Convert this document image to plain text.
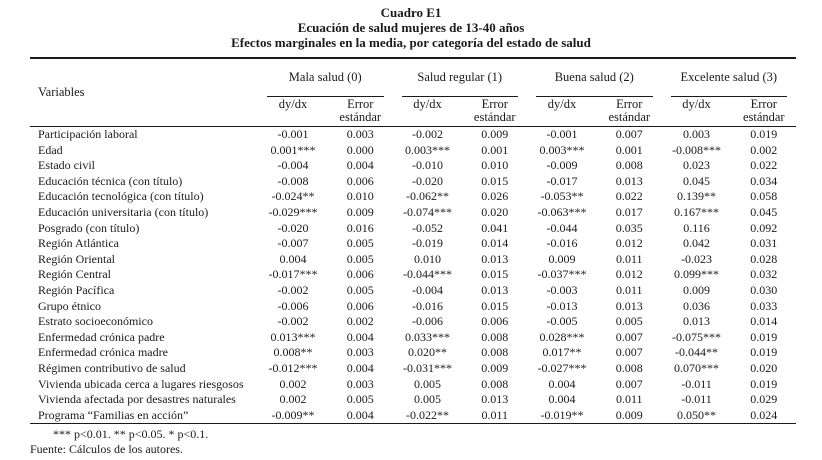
Cuadro E1
Ecuación de salud mujeres de 13-40 años
Efectos marginales en la media, por categoría del estado de salud
Variables	Mala salud (0)		Salud regular (1)		Buena salud (2)		Excelente salud (3)	

	dy/dx	Error estándar	dy/dx	Error estándar	dy/dx	Error estándar	dy/dx	Error estándar
Participación laboral	-0.001	0.003	-0.002	0.009	-0.001	0.007	0.003	0.019
Edad	0.001***	0.000	0.003***	0.001	0.003***	0.001	-0.008***	0.002
Estado civil	-0.004	0.004	-0.010	0.010	-0.009	0.008	0.023	0.022
Educación técnica (con título)	-0.008	0.006	-0.020	0.015	-0.017	0.013	0.045	0.034
Educación tecnológica (con título)	-0.024**	0.010	-0.062**	0.026	-0.053**	0.022	0.139**	0.058
Educación universitaria (con título)	-0.029***	0.009	-0.074***	0.020	-0.063***	0.017	0.167***	0.045
Posgrado (con título)	-0.020	0.016	-0.052	0.041	-0.044	0.035	0.116	0.092
Región Atlántica	-0.007	0.005	-0.019	0.014	-0.016	0.012	0.042	0.031
Región Oriental	0.004	0.005	0.010	0.013	0.009	0.011	-0.023	0.028
Región Central	-0.017***	0.006	-0.044***	0.015	-0.037***	0.012	0.099***	0.032
Región Pacífica	-0.002	0.005	-0.004	0.013	-0.003	0.011	0.009	0.030
Grupo étnico	-0.006	0.006	-0.016	0.015	-0.013	0.013	0.036	0.033
Estrato socioeconómico	-0.002	0.002	-0.006	0.006	-0.005	0.005	0.013	0.014
Enfermedad crónica padre	0.013***	0.004	0.033***	0.008	0.028***	0.007	-0.075***	0.019
Enfermedad crónica madre	0.008**	0.003	0.020**	0.008	0.017**	0.007	-0.044**	0.019
Régimen contributivo de salud	-0.012***	0.004	-0.031***	0.009	-0.027***	0.008	0.070***	0.020
Vivienda ubicada cerca a lugares riesgosos	0.002	0.003	0.005	0.008	0.004	0.007	-0.011	0.019
Vivienda afectada por desastres naturales	0.002	0.005	0.005	0.013	0.004	0.011	-0.011	0.029
Programa “Familias en acción”	-0.009**	0.004	-0.022**	0.011	-0.019**	0.009	0.050**	0.024
*** p<0.01. ** p<0.05. * p<0.1.
Fuente: Cálculos de los autores.
